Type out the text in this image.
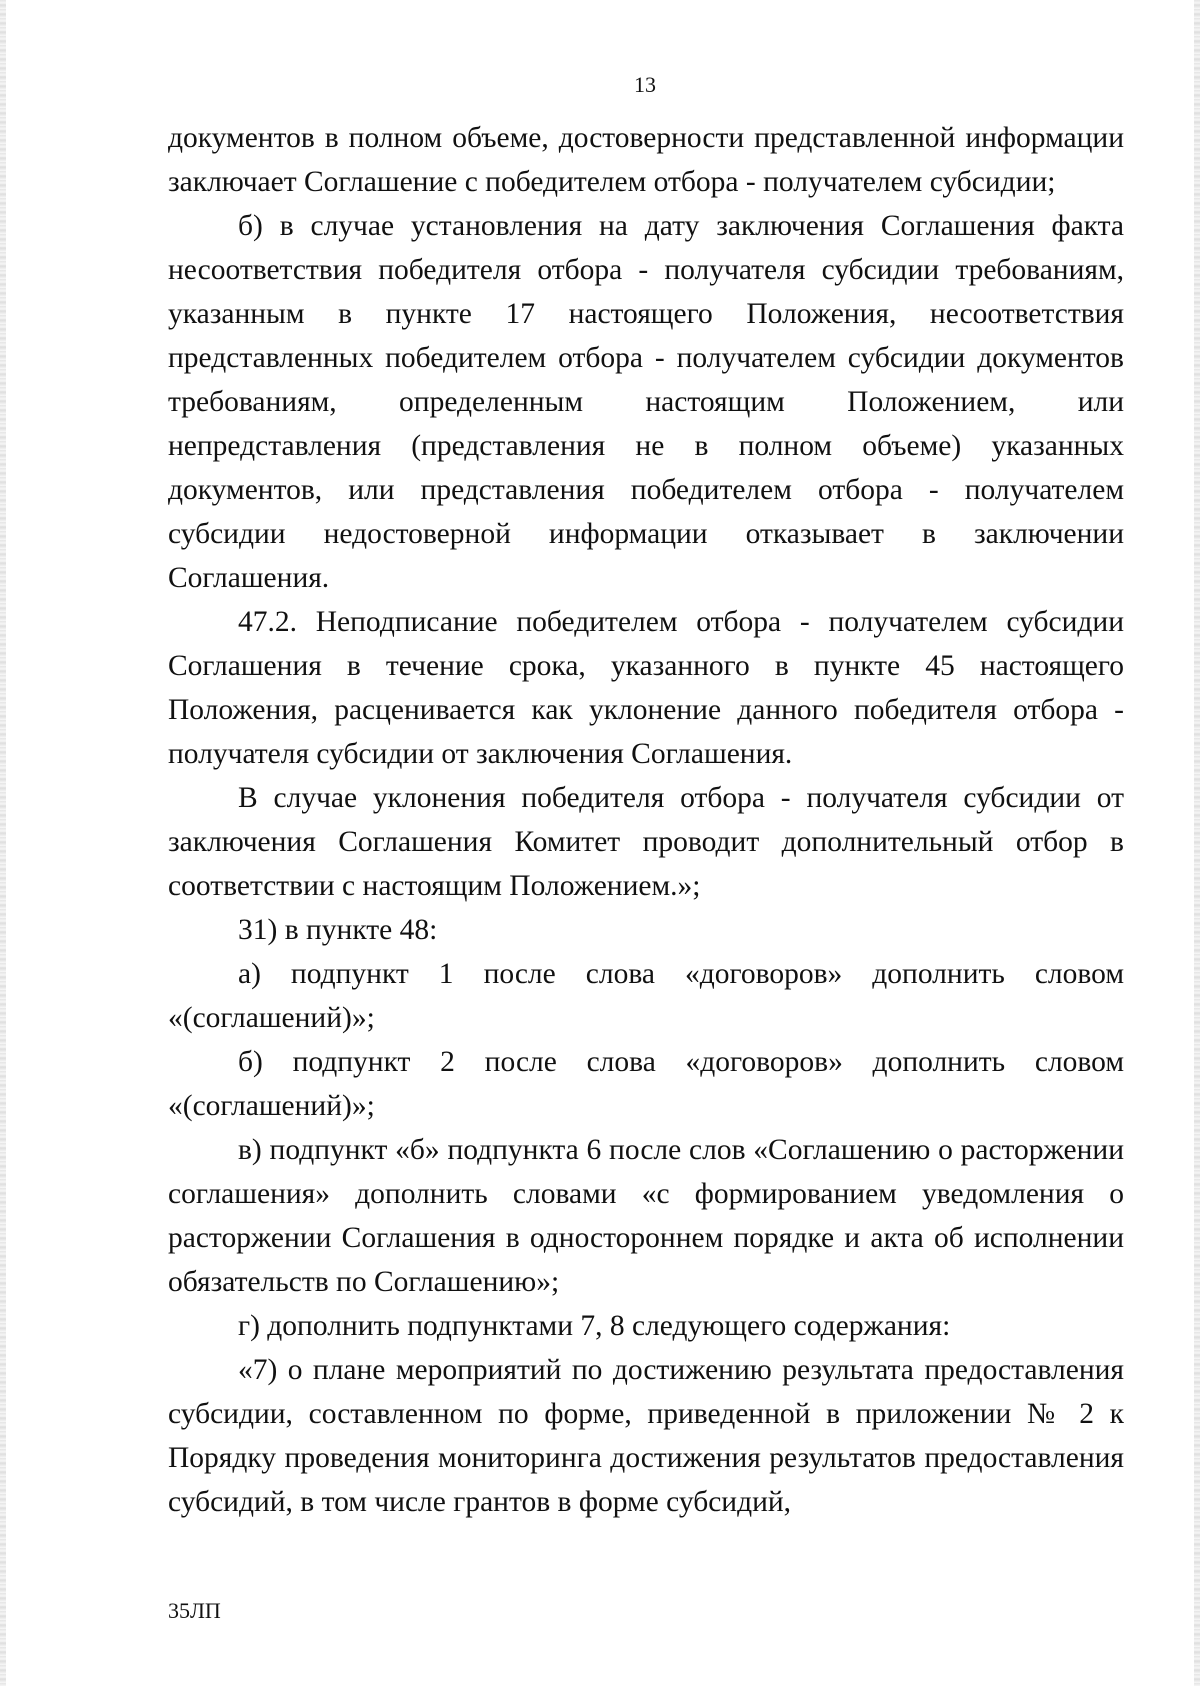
13

документов в полном объеме, достоверности представленной информации заключает Соглашение с победителем отбора - получателем субсидии;

б) в случае установления на дату заключения Соглашения факта несоответствия победителя отбора - получателя субсидии требованиям, указанным в пункте 17 настоящего Положения, несоответствия представленных победителем отбора - получателем субсидии документов требованиям, определенным настоящим Положением, или непредставления (представления не в полном объеме) указанных документов, или представления победителем отбора - получателем субсидии недостоверной информации отказывает в заключении Соглашения.

47.2. Неподписание победителем отбора - получателем субсидии Соглашения в течение срока, указанного в пункте 45 настоящего Положения, расценивается как уклонение данного победителя отбора - получателя субсидии от заключения Соглашения.

В случае уклонения победителя отбора - получателя субсидии от заключения Соглашения Комитет проводит дополнительный отбор в соответствии с настоящим Положением.»;

31) в пункте 48:

а) подпункт 1 после слова «договоров» дополнить словом «(соглашений)»;

б) подпункт 2 после слова «договоров» дополнить словом «(соглашений)»;

в) подпункт «б» подпункта 6 после слов «Соглашению о расторжении соглашения» дополнить словами «с формированием уведомления о расторжении Соглашения в одностороннем порядке и акта об исполнении обязательств по Соглашению»;

г) дополнить подпунктами 7, 8 следующего содержания:

«7) о плане мероприятий по достижению результата предоставления субсидии, составленном по форме, приведенной в приложении № 2 к Порядку проведения мониторинга достижения результатов предоставления субсидий, в том числе грантов в форме субсидий,

35ЛП
